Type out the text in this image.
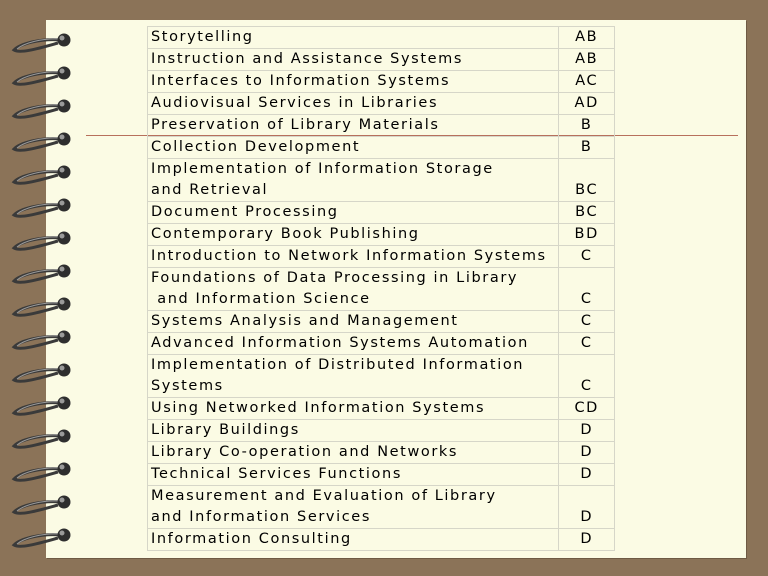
Storytelling	AB
Instruction and Assistance Systems	AB
Interfaces to Information Systems	AC
Audiovisual Services in Libraries	AD
Preservation of Library Materials	B
Collection Development	B
Implementation of Information Storage
and Retrieval	BC
Document Processing	BC
Contemporary Book Publishing	BD
Introduction to Network Information Systems	C
Foundations of Data Processing in Library
and Information Science	C
Systems Analysis and Management	C
Advanced Information Systems Automation	C
Implementation of Distributed Information
Systems	C
Using Networked Information Systems	CD
Library Buildings	D
Library Co-operation and Networks	D
Technical Services Functions	D
Measurement and Evaluation of Library
and Information Services	D
Information Consulting	D
